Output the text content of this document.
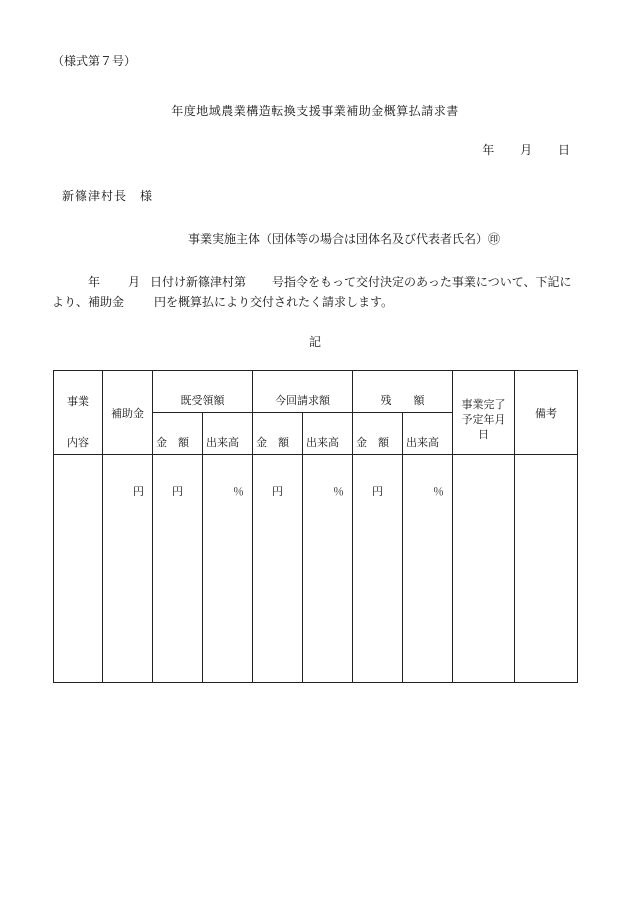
（様式第７号）
年度地域農業構造転換支援事業補助金概算払請求書
年 月 日
新篠津村長　様
事業実施主体（団体等の場合は団体名及び代表者氏名）㊞
年 月 日付け新篠津村第 号指令をもって交付決定のあった事業について、下記により、補助金	円を概算払により交付されたく請求します。
記
事業	補助金	既受領額		今回請求額		残　　額		事業完了予定年月日	備考
内容		金　額	出来高	金　額	出来高	金　額	出来高		
	円	円	％	円	％	円	％		
